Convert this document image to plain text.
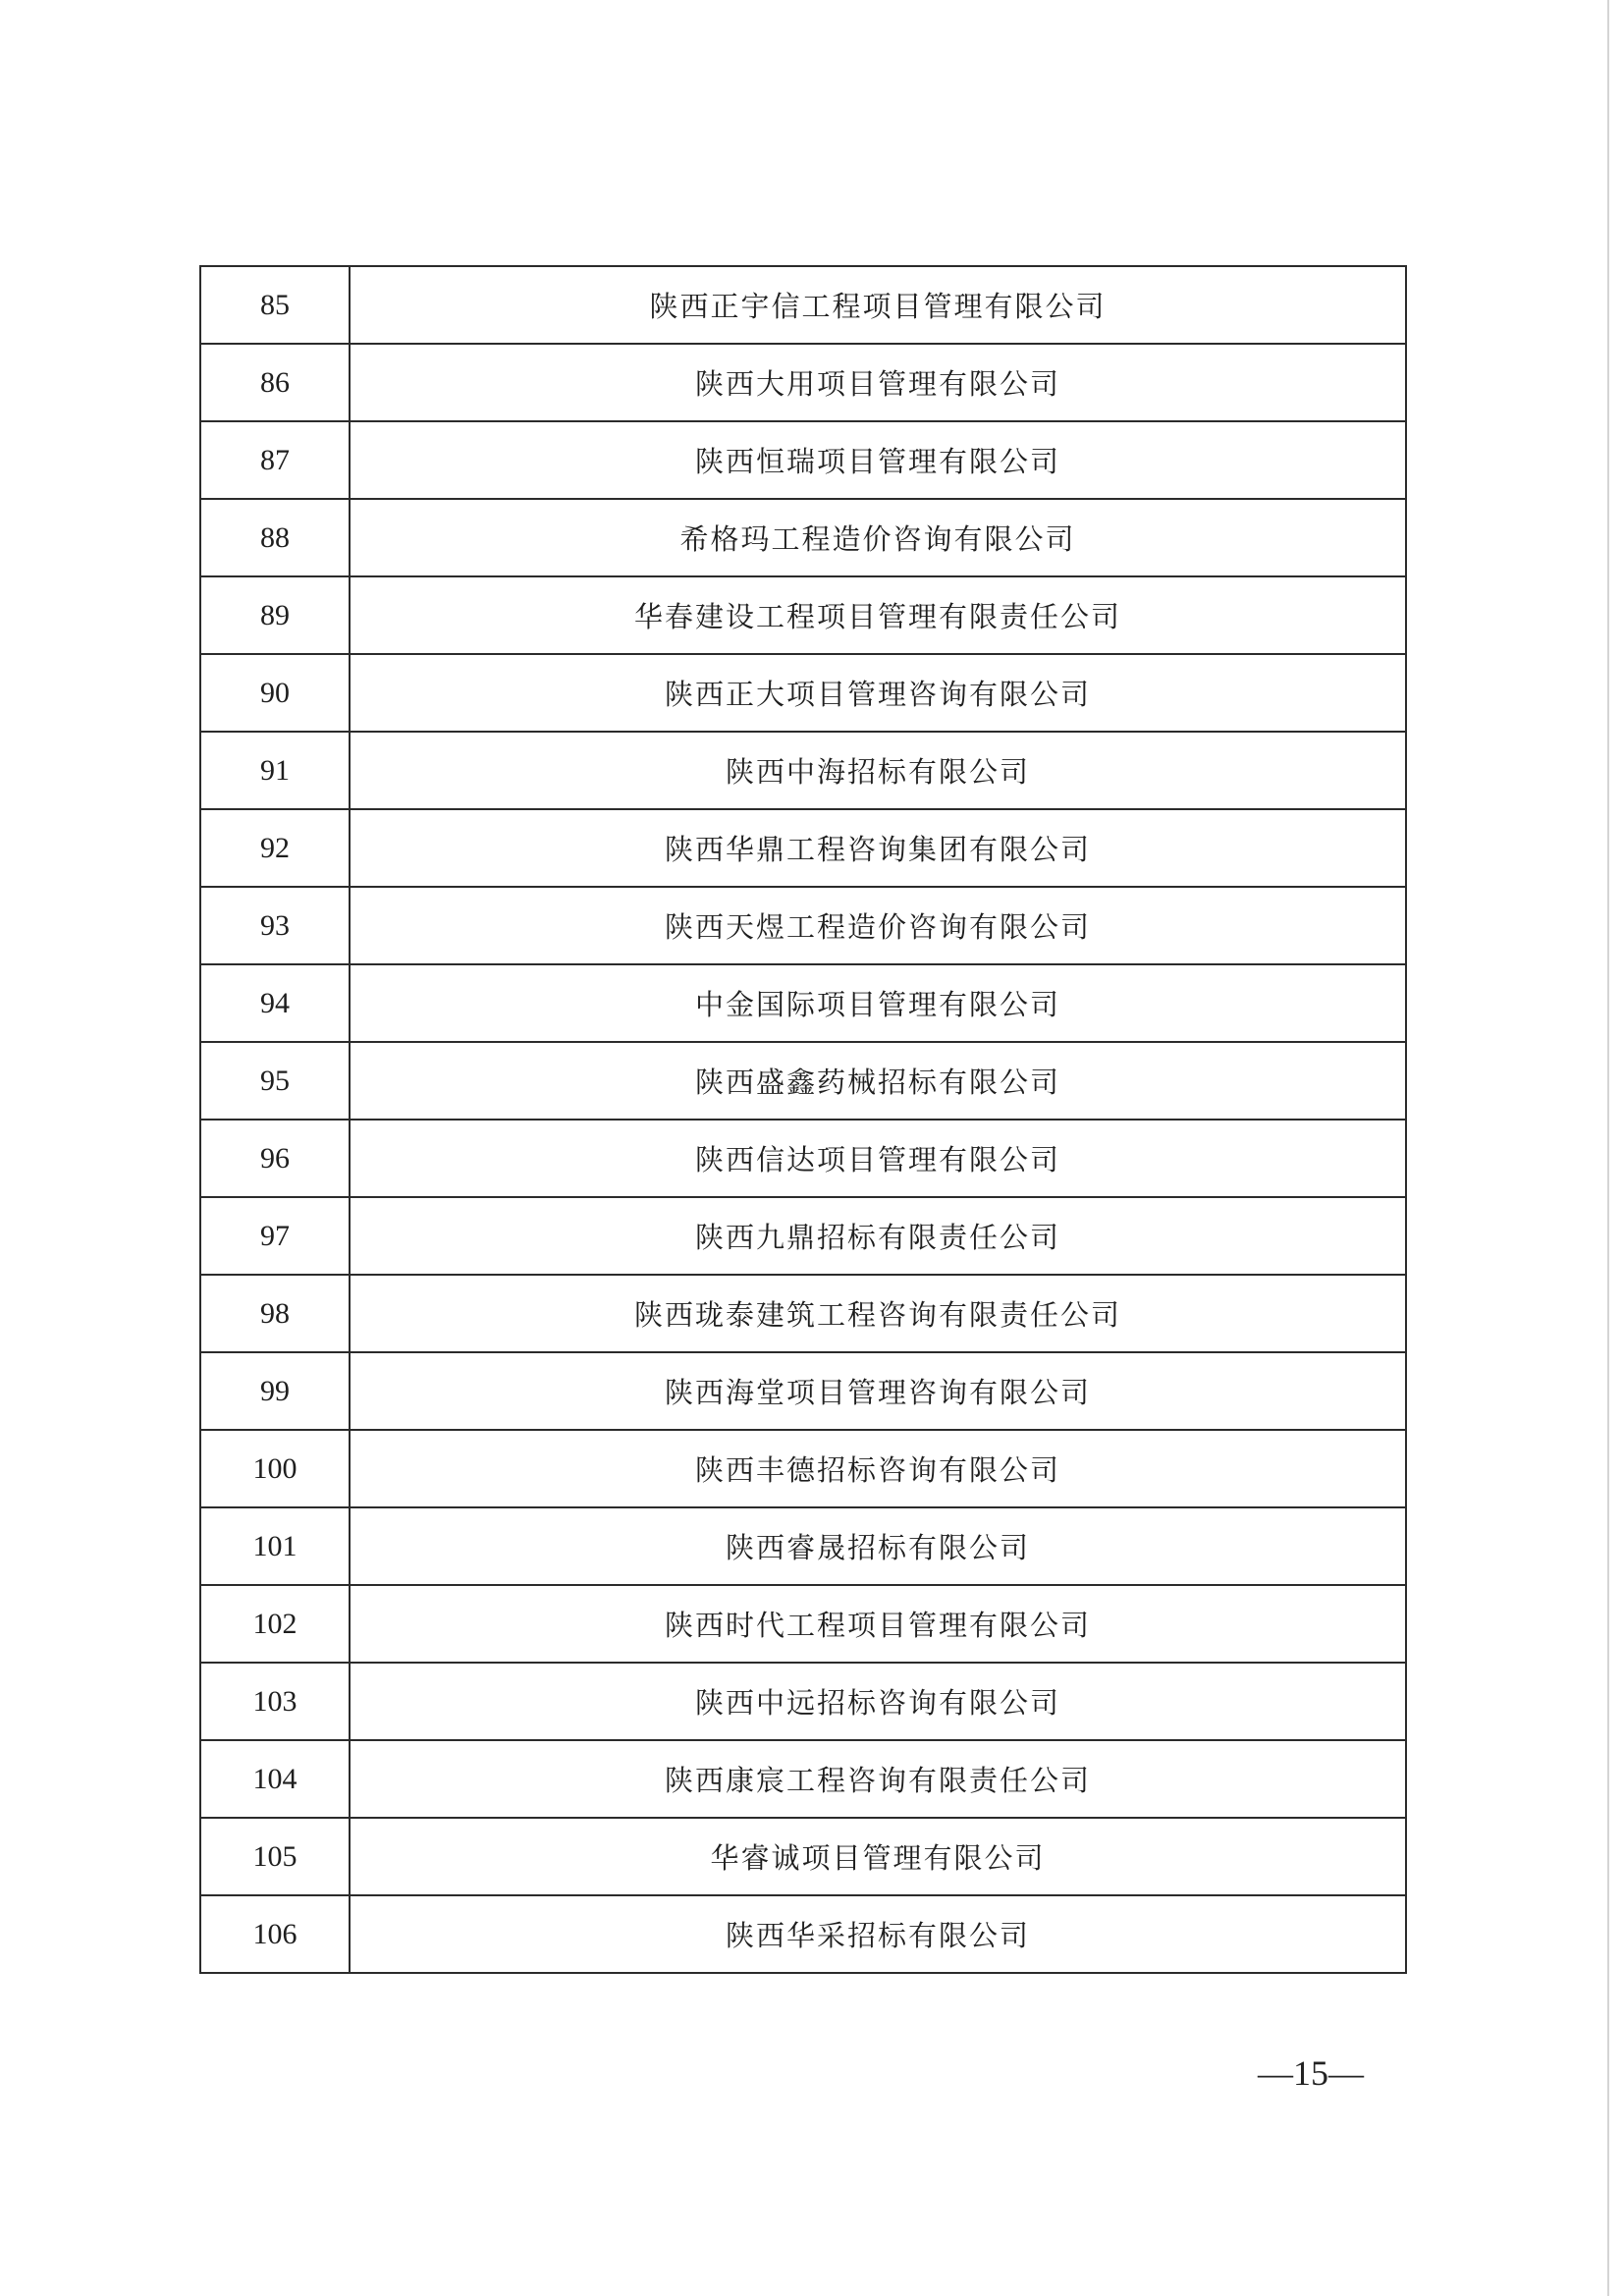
85	陕西正宇信工程项目管理有限公司
86	陕西大用项目管理有限公司
87	陕西恒瑞项目管理有限公司
88	希格玛工程造价咨询有限公司
89	华春建设工程项目管理有限责任公司
90	陕西正大项目管理咨询有限公司
91	陕西中海招标有限公司
92	陕西华鼎工程咨询集团有限公司
93	陕西天煜工程造价咨询有限公司
94	中金国际项目管理有限公司
95	陕西盛鑫药械招标有限公司
96	陕西信达项目管理有限公司
97	陕西九鼎招标有限责任公司
98	陕西珑泰建筑工程咨询有限责任公司
99	陕西海堂项目管理咨询有限公司
100	陕西丰德招标咨询有限公司
101	陕西睿晟招标有限公司
102	陕西时代工程项目管理有限公司
103	陕西中远招标咨询有限公司
104	陕西康宸工程咨询有限责任公司
105	华睿诚项目管理有限公司
106	陕西华采招标有限公司
—15—
